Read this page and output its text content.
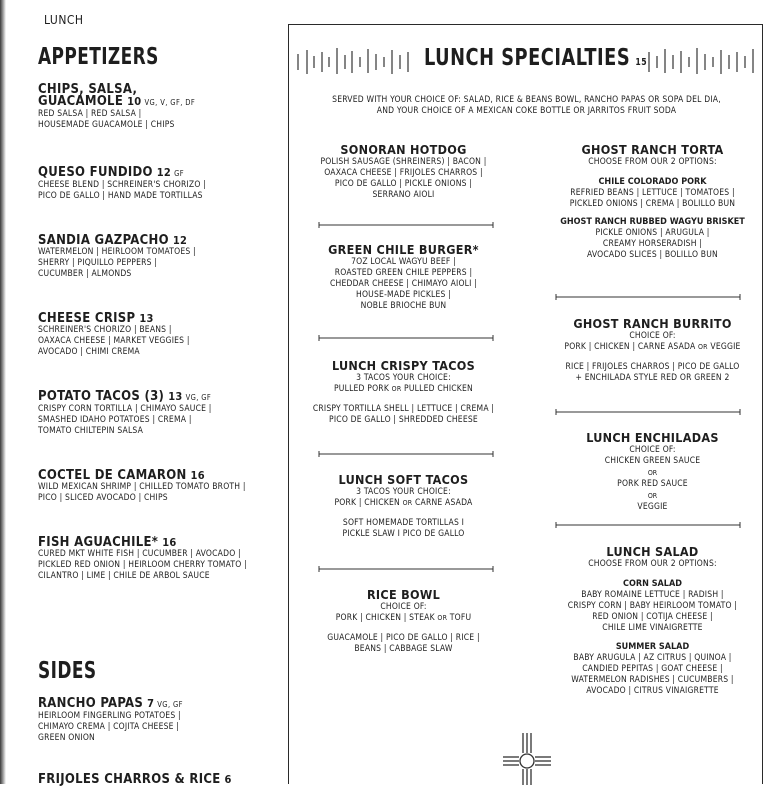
LUNCH
APPETIZERS
CHIPS, SALSA,
GUACAMOLE 10 VG, V, GF, DF
RED SALSA | RED SALSA |
HOUSEMADE GUACAMOLE | CHIPS
QUESO FUNDIDO 12 GF
CHEESE BLEND | SCHREINER'S CHORIZO |
PICO DE GALLO | HAND MADE TORTILLAS
SANDIA GAZPACHO 12
WATERMELON | HEIRLOOM TOMATOES |
SHERRY | PIQUILLO PEPPERS |
CUCUMBER | ALMONDS
CHEESE CRISP 13
SCHREINER'S CHORIZO | BEANS |
OAXACA CHEESE | MARKET VEGGIES |
AVOCADO | CHIMI CREMA
POTATO TACOS (3) 13 VG, GF
CRISPY CORN TORTILLA | CHIMAYO SAUCE |
SMASHED IDAHO POTATOES | CREMA |
TOMATO CHILTEPIN SALSA
COCTEL DE CAMARON 16
WILD MEXICAN SHRIMP | CHILLED TOMATO BROTH |
PICO | SLICED AVOCADO | CHIPS
FISH AGUACHILE* 16
CURED MKT WHITE FISH | CUCUMBER | AVOCADO |
PICKLED RED ONION | HEIRLOOM CHERRY TOMATO |
CILANTRO | LIME | CHILE DE ARBOL SAUCE
SIDES
RANCHO PAPAS 7 VG, GF
HEIRLOOM FINGERLING POTATOES |
CHIMAYO CREMA | COJITA CHEESE |
GREEN ONION
FRIJOLES CHARROS & RICE 6
LUNCH SPECIALTIES 15
SERVED WITH YOUR CHOICE OF: SALAD, RICE & BEANS BOWL, RANCHO PAPAS OR SOPA DEL DIA,
AND YOUR CHOICE OF A MEXICAN COKE BOTTLE OR JARRITOS FRUIT SODA
SONORAN HOTDOG
POLISH SAUSAGE (SHREINERS) | BACON |
OAXACA CHEESE | FRIJOLES CHARROS |
PICO DE GALLO | PICKLE ONIONS |
SERRANO AIOLI
GREEN CHILE BURGER*
7OZ LOCAL WAGYU BEEF |
ROASTED GREEN CHILE PEPPERS |
CHEDDAR CHEESE | CHIMAYO AIOLI |
HOUSE-MADE PICKLES |
NOBLE BRIOCHE BUN
LUNCH CRISPY TACOS
3 TACOS YOUR CHOICE:
PULLED PORK OR PULLED CHICKEN
CRISPY TORTILLA SHELL | LETTUCE | CREMA |
PICO DE GALLO | SHREDDED CHEESE
LUNCH SOFT TACOS
3 TACOS YOUR CHOICE:
PORK | CHICKEN OR CARNE ASADA
SOFT HOMEMADE TORTILLAS I
PICKLE SLAW I PICO DE GALLO
RICE BOWL
CHOICE OF:
PORK | CHICKEN | STEAK OR TOFU
GUACAMOLE | PICO DE GALLO | RICE |
BEANS | CABBAGE SLAW
GHOST RANCH TORTA
CHOOSE FROM OUR 2 OPTIONS:
CHILE COLORADO PORK
REFRIED BEANS | LETTUCE | TOMATOES |
PICKLED ONIONS | CREMA | BOLILLO BUN
GHOST RANCH RUBBED WAGYU BRISKET
PICKLE ONIONS | ARUGULA |
CREAMY HORSERADISH |
AVOCADO SLICES | BOLILLO BUN
GHOST RANCH BURRITO
CHOICE OF:
PORK | CHICKEN | CARNE ASADA OR VEGGIE
RICE | FRIJOLES CHARROS | PICO DE GALLO
+ ENCHILADA STYLE RED OR GREEN 2
LUNCH ENCHILADAS
CHOICE OF:
CHICKEN GREEN SAUCE
OR
PORK RED SAUCE
OR
VEGGIE
LUNCH SALAD
CHOOSE FROM OUR 2 OPTIONS:
CORN SALAD
BABY ROMAINE LETTUCE | RADISH |
CRISPY CORN | BABY HEIRLOOM TOMATO |
RED ONION | COTIJA CHEESE |
CHILE LIME VINAIGRETTE
SUMMER SALAD
BABY ARUGULA | AZ CITRUS | QUINOA |
CANDIED PEPITAS | GOAT CHEESE |
WATERMELON RADISHES | CUCUMBERS |
AVOCADO | CITRUS VINAIGRETTE
